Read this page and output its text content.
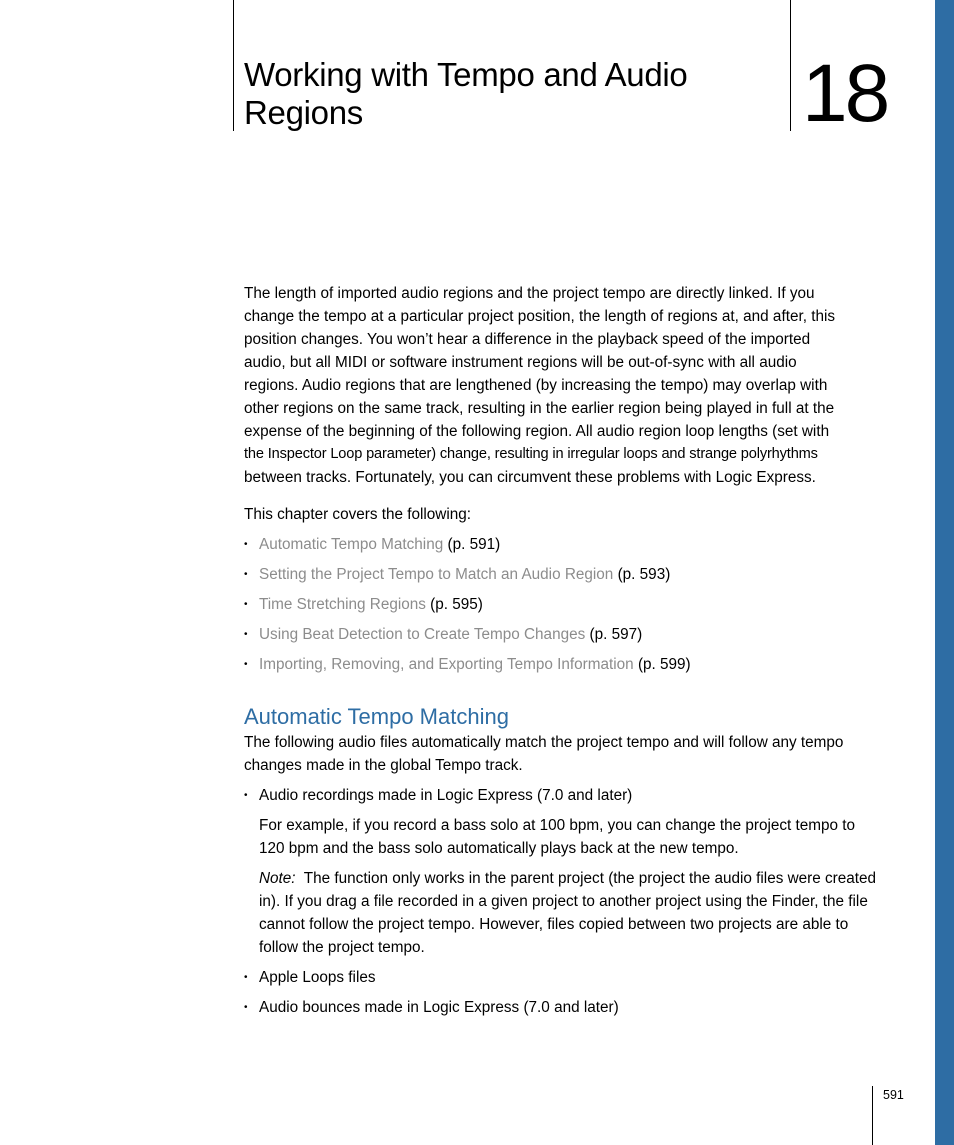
Working with Tempo and Audio Regions	18

The length of imported audio regions and the project tempo are directly linked. If you
change the tempo at a particular project position, the length of regions at, and after, this
position changes. You won’t hear a difference in the playback speed of the imported
audio, but all MIDI or software instrument regions will be out-of-sync with all audio
regions. Audio regions that are lengthened (by increasing the tempo) may overlap with
other regions on the same track, resulting in the earlier region being played in full at the
expense of the beginning of the following region. All audio region loop lengths (set with
the Inspector Loop parameter) change, resulting in irregular loops and strange polyrhythms
between tracks. Fortunately, you can circumvent these problems with Logic Express.

This chapter covers the following:

• Automatic Tempo Matching (p. 591)
• Setting the Project Tempo to Match an Audio Region (p. 593)
• Time Stretching Regions (p. 595)
• Using Beat Detection to Create Tempo Changes (p. 597)
• Importing, Removing, and Exporting Tempo Information (p. 599)
Automatic Tempo Matching

The following audio files automatically match the project tempo and will follow any tempo changes made in the global Tempo track.

• Audio recordings made in Logic Express (7.0 and later)

For example, if you record a bass solo at 100 bpm, you can change the project tempo to 120 bpm and the bass solo automatically plays back at the new tempo.

Note: The function only works in the parent project (the project the audio files were created in). If you drag a file recorded in a given project to another project using the Finder, the file cannot follow the project tempo. However, files copied between two projects are able to follow the project tempo.

• Apple Loops files
• Audio bounces made in Logic Express (7.0 and later)
591
